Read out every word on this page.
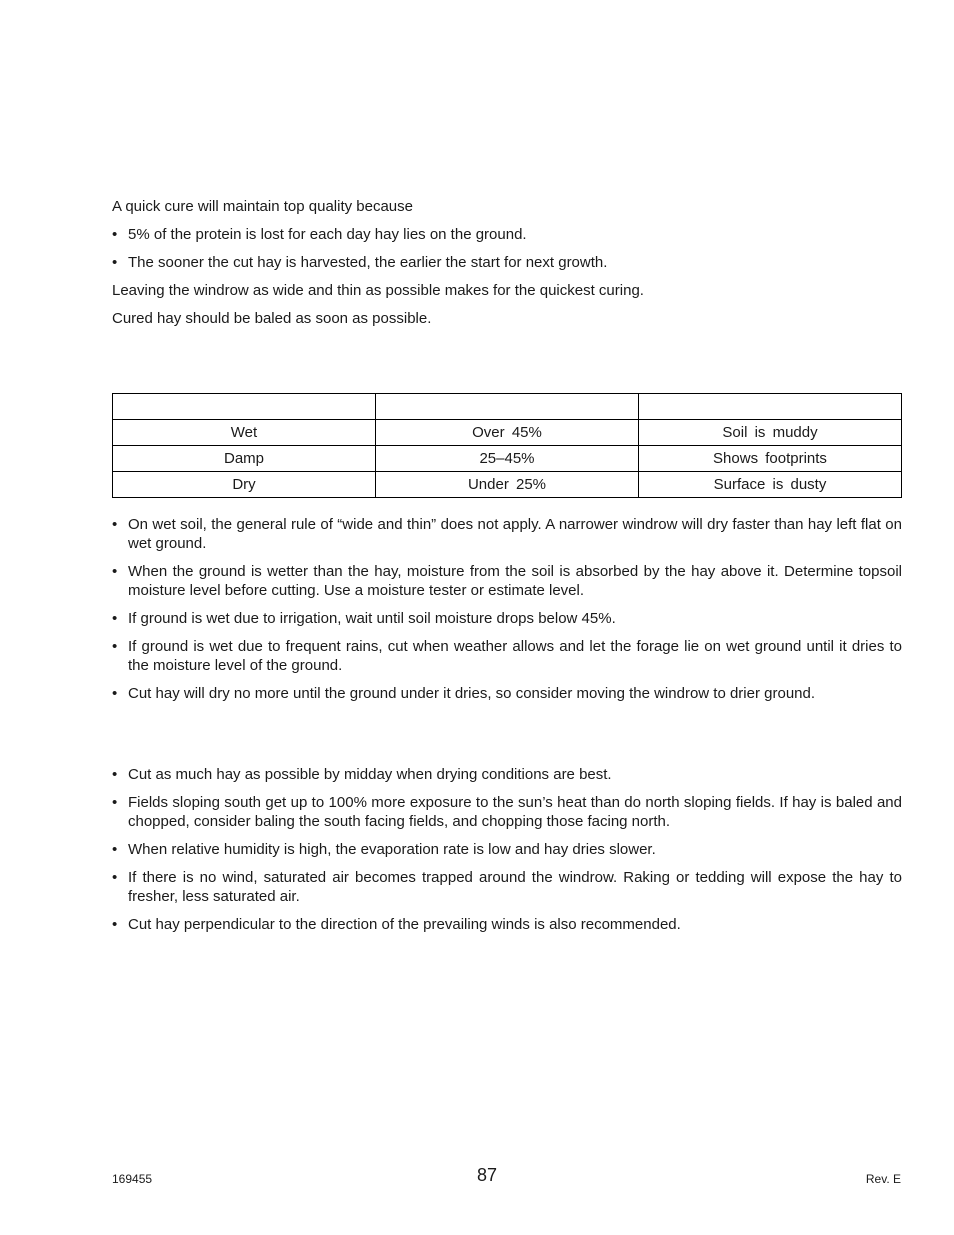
A quick cure will maintain top quality because

• 5% of the protein is lost for each day hay lies on the ground.
• The sooner the cut hay is harvested, the earlier the start for next growth.

Leaving the windrow as wide and thin as possible makes for the quickest curing.

Cured hay should be baled as soon as possible.

Wet	Over 45%	Soil is muddy
Damp	25–45%	Shows footprints
Dry	Under 25%	Surface is dusty
• On wet soil, the general rule of “wide and thin” does not apply. A narrower windrow will dry faster than hay left flat on wet ground.
• When the ground is wetter than the hay, moisture from the soil is absorbed by the hay above it. Determine topsoil moisture level before cutting. Use a moisture tester or estimate level.
• If ground is wet due to irrigation, wait until soil moisture drops below 45%.
• If ground is wet due to frequent rains, cut when weather allows and let the forage lie on wet ground until it dries to the moisture level of the ground.
• Cut hay will dry no more until the ground under it dries, so consider moving the windrow to drier ground.
• Cut as much hay as possible by midday when drying conditions are best.
• Fields sloping south get up to 100% more exposure to the sun’s heat than do north sloping fields. If hay is baled and chopped, consider baling the south facing fields, and chopping those facing north.
• When relative humidity is high, the evaporation rate is low and hay dries slower.
• If there is no wind, saturated air becomes trapped around the windrow. Raking or tedding will expose the hay to fresher, less saturated air.
• Cut hay perpendicular to the direction of the prevailing winds is also recommended.
169455	87	Rev. E
